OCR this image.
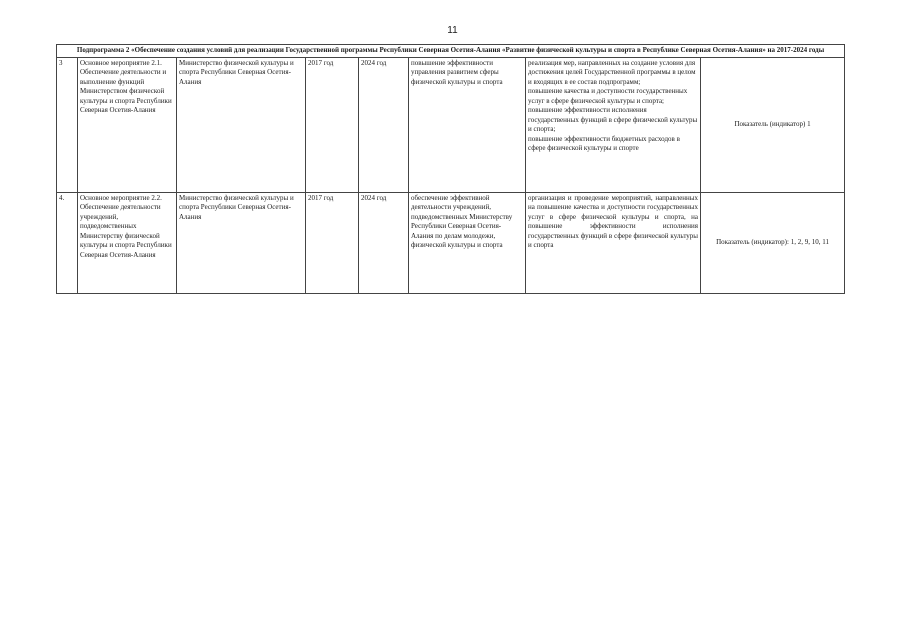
11
Подпрограмма 2 «Обеспечение создания условий для реализации Государственной программы Республики Северная Осетия-Алания «Развитие физической культуры и спорта в Республике Северная Осетия-Алания» на 2017-2024 годы							
3	Основное мероприятие 2.1. Обеспечение деятельности и выполнение функций Министерством физической культуры и спорта Республики Северная Осетия-Алания	Министерство физической культуры и спорта Республики Северная Осетия-Алания	2017 год	2024 год	повышение эффективности управления развитием сферы физической культуры и спорта	реализация мер, направленных на создание условия для достижения целей Государственной программы в целом и входящих в ее состав подпрограмм;
повышение качества и доступности государственных услуг в сфере физической культуры и спорта;
повышение эффективности исполнения государственных функций в сфере физической культуры и спорта;
повышение эффективности бюджетных расходов в сфере физической культуры и спорте	Показатель (индикатор) 1
4.	Основное мероприятие 2.2. Обеспечение деятельности учреждений, подведомственных Министерству физической культуры и спорта Республики Северная Осетия-Алания	Министерство физической культуры и спорта Республики Северная Осетия-Алания	2017 год	2024 год	обеспечение эффективной деятельности учреждений, подведомственных Министерству Республики Северная Осетия-Алания по делам молодежи, физической культуры и спорта	организация и проведение мероприятий, направленных на повышение качества и доступности государственных услуг в сфере физической культуры и спорта, на повышение эффективности исполнения государственных функций в сфере физической культуры и спорта	Показатель (индикатор): 1, 2, 9, 10, 11
